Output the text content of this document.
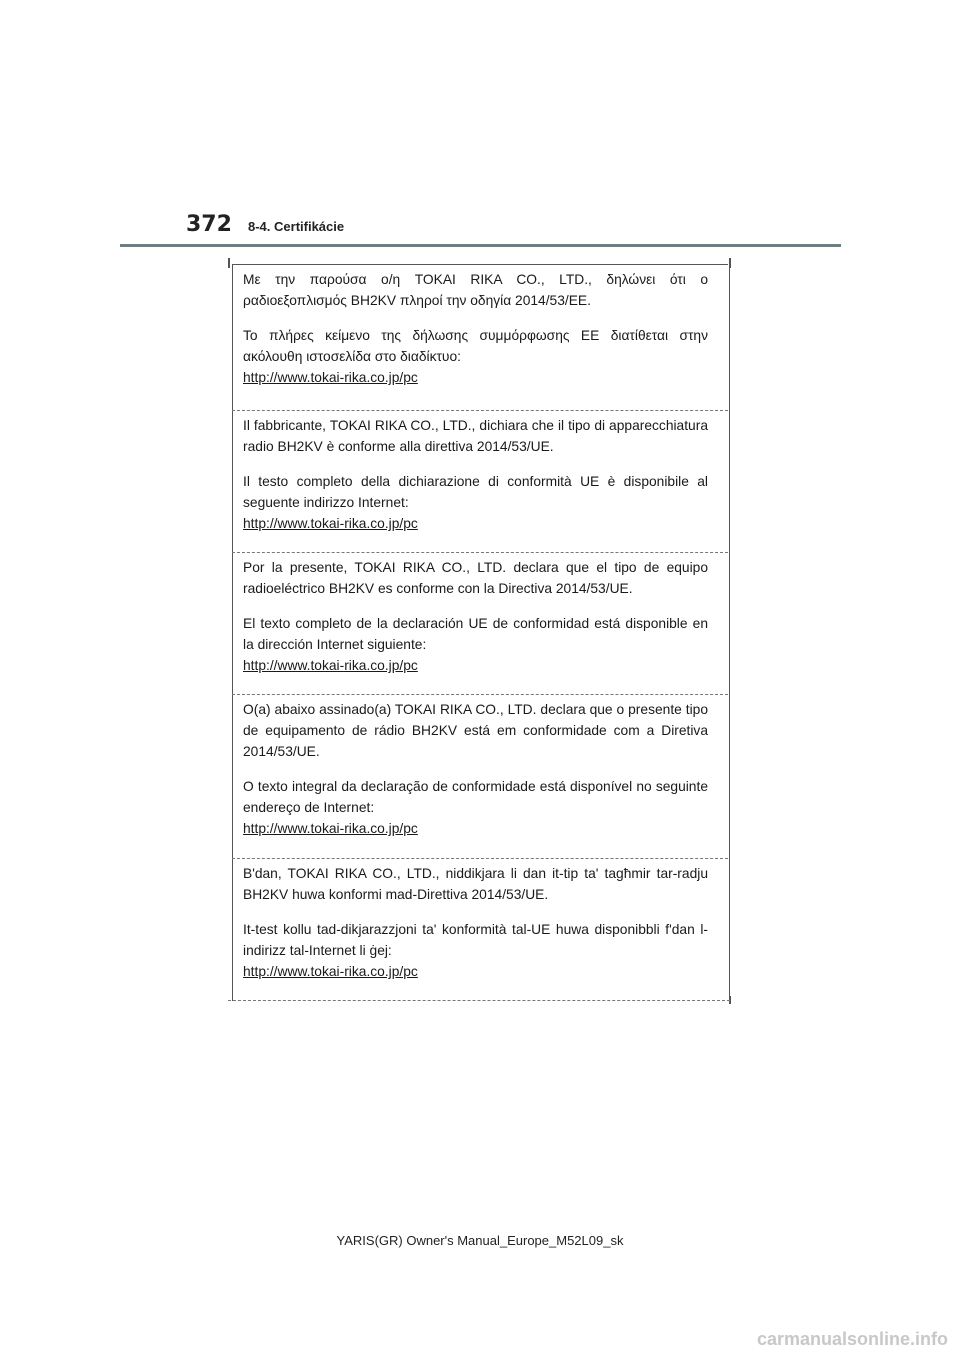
372 8-4. Certifikácie

Με την παρούσα ο/η TOKAI RIKA CO., LTD., δηλώνει ότι ο ραδιοεξοπλισμός BH2KV πληροί την οδηγία 2014/53/EE.

Το πλήρες κείμενο της δήλωσης συμμόρφωσης ΕΕ διατίθεται στην ακόλουθη ιστοσελίδα στο διαδίκτυο:

http://www.tokai-rika.co.jp/pc

Il fabbricante, TOKAI RIKA CO., LTD., dichiara che il tipo di apparecchiatura radio BH2KV è conforme alla direttiva 2014/53/UE.

Il testo completo della dichiarazione di conformità UE è disponibile al seguente indirizzo Internet:

http://www.tokai-rika.co.jp/pc

Por la presente, TOKAI RIKA CO., LTD. declara que el tipo de equipo radioeléctrico BH2KV es conforme con la Directiva 2014/53/UE.

El texto completo de la declaración UE de conformidad está disponible en la dirección Internet siguiente:

http://www.tokai-rika.co.jp/pc

O(a) abaixo assinado(a) TOKAI RIKA CO., LTD. declara que o presente tipo de equipamento de rádio BH2KV está em conformidade com a Diretiva 2014/53/UE.

O texto integral da declaração de conformidade está disponível no seguinte endereço de Internet:

http://www.tokai-rika.co.jp/pc

B'dan, TOKAI RIKA CO., LTD., niddikjara li dan it-tip ta' tagħmir tar-radju BH2KV huwa konformi mad-Direttiva 2014/53/UE.

It-test kollu tad-dikjarazzjoni ta' konformità tal-UE huwa disponibbli f'dan l-indirizz tal-Internet li ġej:

http://www.tokai-rika.co.jp/pc
YARIS(GR) Owner's Manual_Europe_M52L09_sk
carmanualsonline.info
